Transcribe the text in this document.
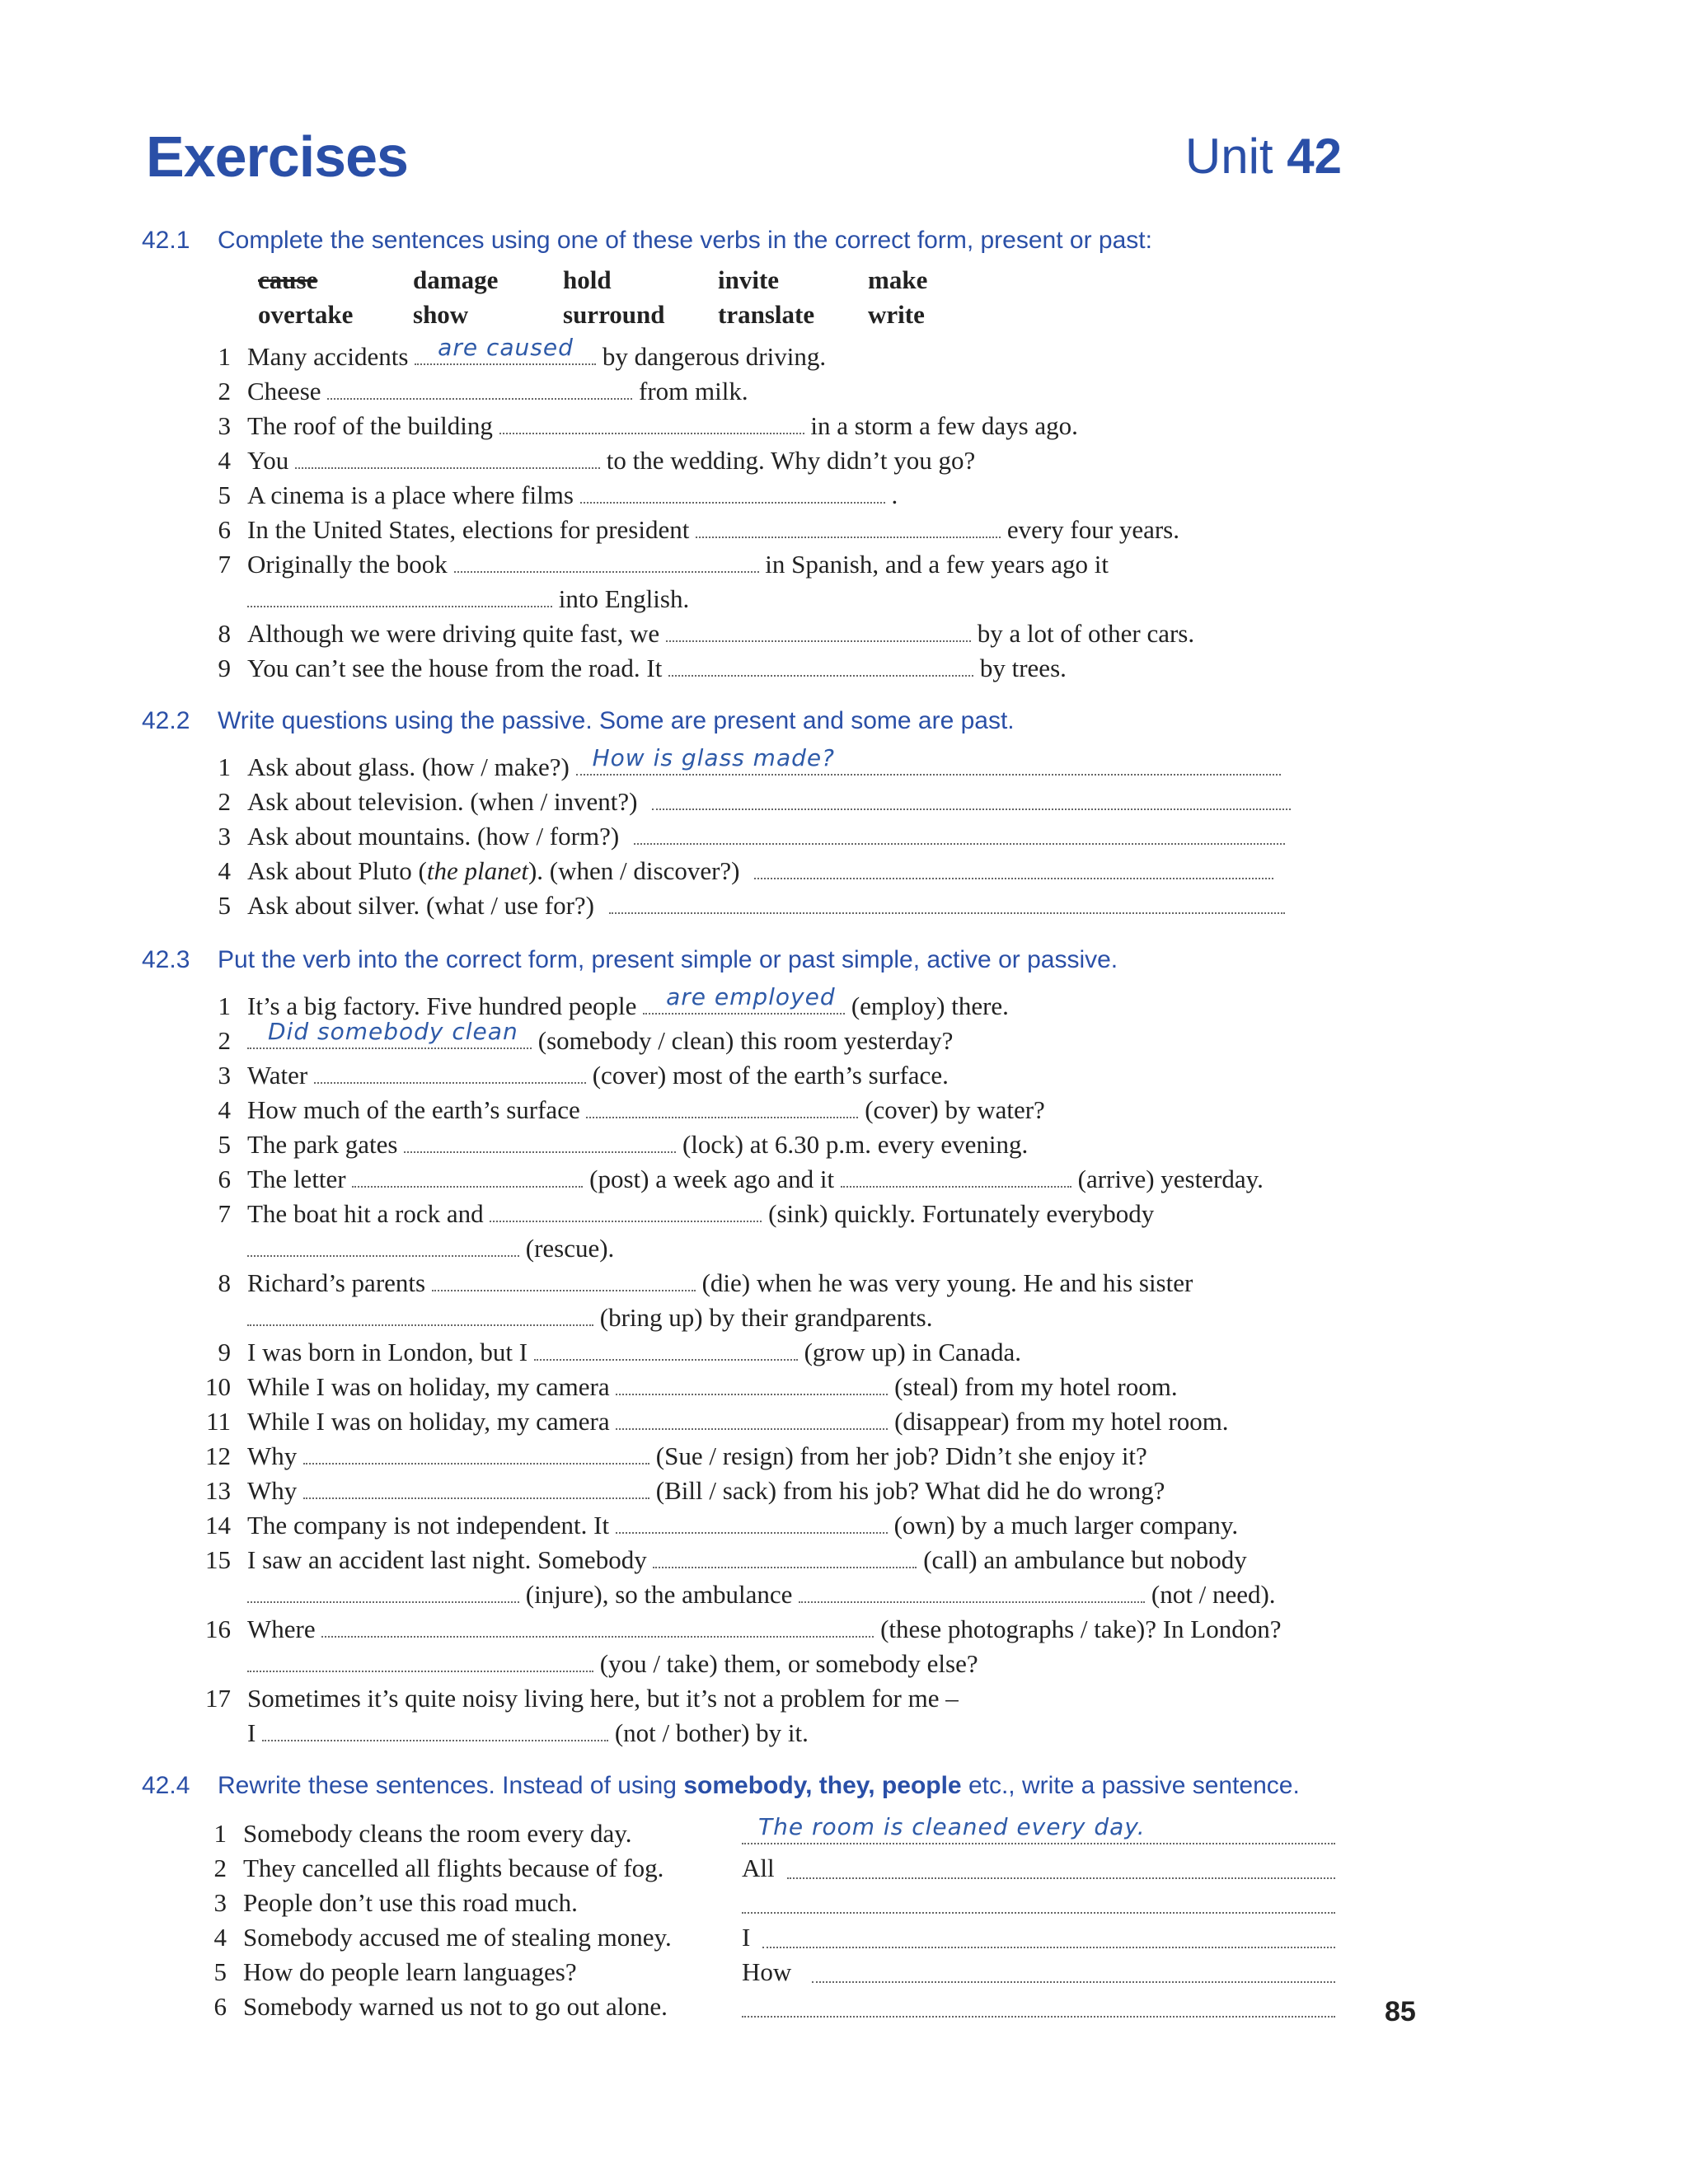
Exercises	Unit 42
42.1 Complete the sentences using one of these verbs in the correct form, present or past:
cause	damage	hold	invite	make
overtake show	surround translate write
1 Many accidents are caused by dangerous driving.
2 Cheese	from milk.
3 The roof of the building	in a storm a few days ago.
4 You	to the wedding. Why didn’t you go?
5 A cinema is a place where films	.
6 In the United States, elections for president	every four years.
7 Originally the book	in Spanish, and a few years ago it
into English.
8 Although we were driving quite fast, we	by a lot of other cars.
9 You can’t see the house from the road. It	by trees.
42.2 Write questions using the passive. Some are present and some are past.
1 Ask about glass. (how / make?) How is glass made?
2 Ask about television. (when / invent?)
3 Ask about mountains. (how / form?)
4 Ask about Pluto (the planet). (when / discover?)
5 Ask about silver. (what / use for?)
42.3 Put the verb into the correct form, present simple or past simple, active or passive.
1 It’s a big factory. Five hundred people are employed (employ) there.
2 Did somebody clean (somebody / clean) this room yesterday?
3 Water	(cover) most of the earth’s surface.
4 How much of the earth’s surface	(cover) by water?
5 The park gates	(lock) at 6.30 p.m. every evening.
6 The letter	(post) a week ago and it	(arrive) yesterday.
7 The boat hit a rock and	(sink) quickly. Fortunately everybody
(rescue).
8 Richard’s parents	(die) when he was very young. He and his sister
(bring up) by their grandparents.
9 I was born in London, but I	(grow up) in Canada.
10 While I was on holiday, my camera	(steal) from my hotel room.
11 While I was on holiday, my camera	(disappear) from my hotel room.
12 Why	(Sue / resign) from her job? Didn’t she enjoy it?
13 Why	(Bill / sack) from his job? What did he do wrong?
14 The company is not independent. It	(own) by a much larger company.
15 I saw an accident last night. Somebody	(call) an ambulance but nobody
(injure), so the ambulance	(not / need).
16 Where	(these photographs / take)? In London?
(you / take) them, or somebody else?
17 Sometimes it’s quite noisy living here, but it’s not a problem for me –
I	(not / bother) by it.
42.4 Rewrite these sentences. Instead of using somebody, they, people etc., write a passive sentence.
1 Somebody cleans the room every day.	The room is cleaned every day.
2 They cancelled all flights because of fog.	All
3 People don’t use this road much.
4 Somebody accused me of stealing money.	I
5 How do people learn languages?	How
6 Somebody warned us not to go out alone.	85
